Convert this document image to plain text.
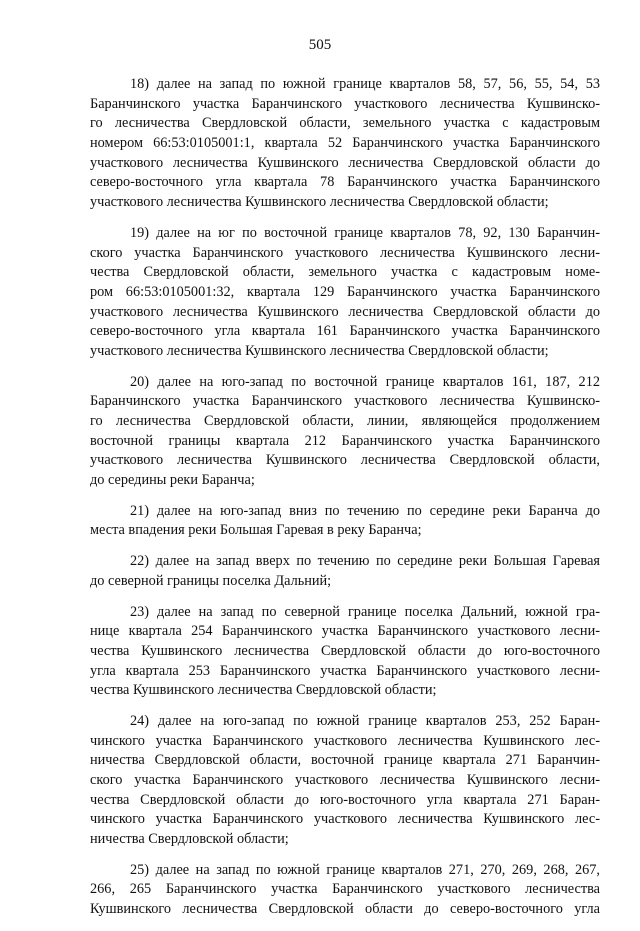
505

18) далее на запад по южной границе кварталов 58, 57, 56, 55, 54, 53
Баранчинского участка Баранчинского участкового лесничества Кушвинско-
го лесничества Свердловской области, земельного участка с кадастровым
номером 66:53:0105001:1, квартала 52 Баранчинского участка Баранчинского
участкового лесничества Кушвинского лесничества Свердловской области до
северо-восточного угла квартала 78 Баранчинского участка Баранчинского
участкового лесничества Кушвинского лесничества Свердловской области;

19) далее на юг по восточной границе кварталов 78, 92, 130 Баранчин-
ского участка Баранчинского участкового лесничества Кушвинского лесни-
чества Свердловской области, земельного участка с кадастровым номе-
ром 66:53:0105001:32, квартала 129 Баранчинского участка Баранчинского
участкового лесничества Кушвинского лесничества Свердловской области до
северо-восточного угла квартала 161 Баранчинского участка Баранчинского
участкового лесничества Кушвинского лесничества Свердловской области;

20) далее на юго-запад по восточной границе кварталов 161, 187, 212
Баранчинского участка Баранчинского участкового лесничества Кушвинско-
го лесничества Свердловской области, линии, являющейся продолжением
восточной границы квартала 212 Баранчинского участка Баранчинского
участкового лесничества Кушвинского лесничества Свердловской области,
до середины реки Баранча;

21) далее на юго-запад вниз по течению по середине реки Баранча до
места впадения реки Большая Гаревая в реку Баранча;

22) далее на запад вверх по течению по середине реки Большая Гаревая
до северной границы поселка Дальний;

23) далее на запад по северной границе поселка Дальний, южной гра-
нице квартала 254 Баранчинского участка Баранчинского участкового лесни-
чества Кушвинского лесничества Свердловской области до юго-восточного
угла квартала 253 Баранчинского участка Баранчинского участкового лесни-
чества Кушвинского лесничества Свердловской области;

24) далее на юго-запад по южной границе кварталов 253, 252 Баран-
чинского участка Баранчинского участкового лесничества Кушвинского лес-
ничества Свердловской области, восточной границе квартала 271 Баранчин-
ского участка Баранчинского участкового лесничества Кушвинского лесни-
чества Свердловской области до юго-восточного угла квартала 271 Баран-
чинского участка Баранчинского участкового лесничества Кушвинского лес-
ничества Свердловской области;

25) далее на запад по южной границе кварталов 271, 270, 269, 268, 267,
266, 265 Баранчинского участка Баранчинского участкового лесничества
Кушвинского лесничества Свердловской области до северо-восточного угла
